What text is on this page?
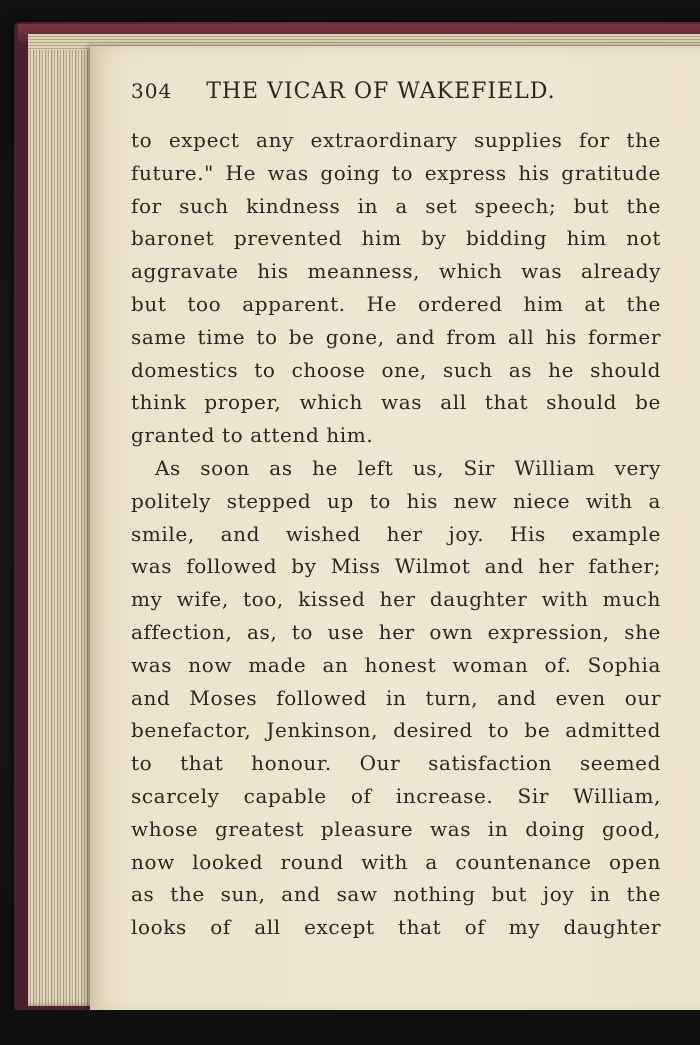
304 THE VICAR OF WAKEFIELD.
to expect any extraordinary supplies for the
future." He was going to express his gratitude
for such kindness in a set speech; but the
baronet prevented him by bidding him not
aggravate his meanness, which was already
but too apparent. He ordered him at the
same time to be gone, and from all his former
domestics to choose one, such as he should
think proper, which was all that should be
granted to attend him.
As soon as he left us, Sir William very
politely stepped up to his new niece with a
smile, and wished her joy. His example
was followed by Miss Wilmot and her father;
my wife, too, kissed her daughter with much
affection, as, to use her own expression, she
was now made an honest woman of. Sophia
and Moses followed in turn, and even our
benefactor, Jenkinson, desired to be admitted
to that honour. Our satisfaction seemed
scarcely capable of increase. Sir William,
whose greatest pleasure was in doing good,
now looked round with a countenance open
as the sun, and saw nothing but joy in the
looks of all except that of my daughter
